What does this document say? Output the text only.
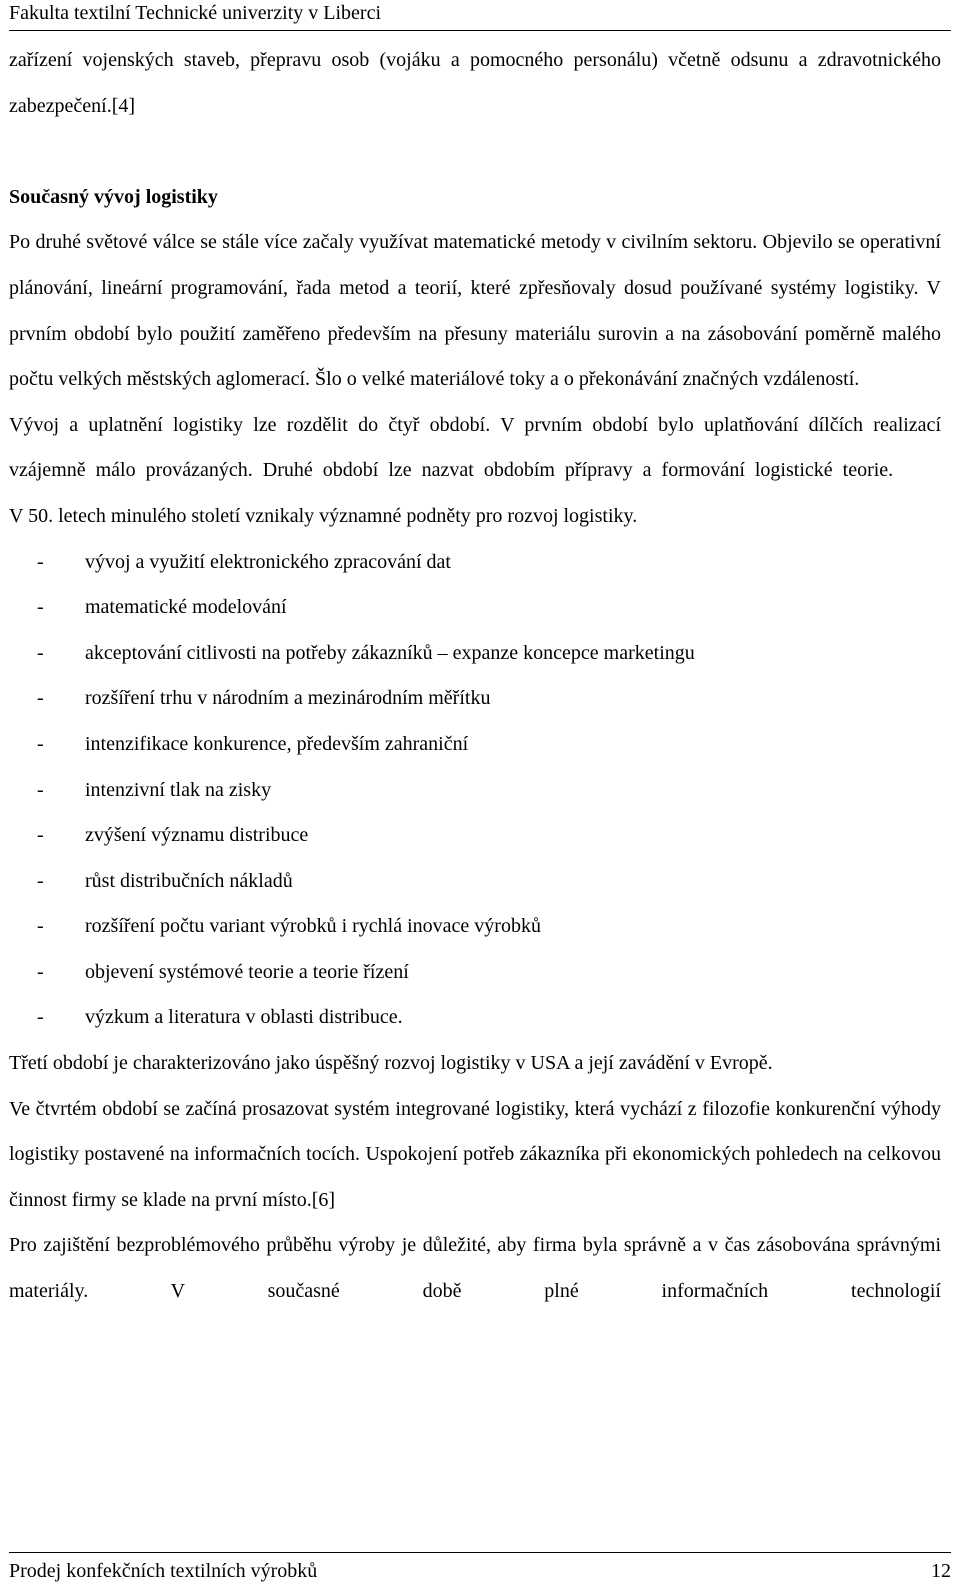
Fakulta textilní Technické univerzity v Liberci

zařízení vojenských staveb, přepravu osob (vojáku a pomocného personálu) včetně odsunu a zdravotnického zabezpečení.[4]

Současný vývoj logistiky

Po druhé světové válce se stále více začaly využívat matematické metody v civilním sektoru. Objevilo se operativní plánování, lineární programování, řada metod a teorií, které zpřesňovaly dosud používané systémy logistiky. V prvním období bylo použití zaměřeno především na přesuny materiálu surovin a na zásobování poměrně malého počtu velkých městských aglomerací. Šlo o velké materiálové toky a o překonávání značných vzdáleností.

Vývoj a uplatnění logistiky lze rozdělit do čtyř období. V prvním období bylo uplatňování dílčích realizací vzájemně málo provázaných. Druhé období lze nazvat obdobím přípravy a formování logistické teorie.

V 50. letech minulého století vznikaly významné podněty pro rozvoj logistiky.

- vývoj a využití elektronického zpracování dat
- matematické modelování
- akceptování citlivosti na potřeby zákazníků – expanze koncepce marketingu
- rozšíření trhu v národním a mezinárodním měřítku
- intenzifikace konkurence, především zahraniční
- intenzivní tlak na zisky
- zvýšení významu distribuce
- růst distribučních nákladů
- rozšíření počtu variant výrobků i rychlá inovace výrobků
- objevení systémové teorie a teorie řízení
- výzkum a literatura v oblasti distribuce.

Třetí období je charakterizováno jako úspěšný rozvoj logistiky v USA a její zavádění v Evropě.

Ve čtvrtém období se začíná prosazovat systém integrované logistiky, která vychází z filozofie konkurenční výhody logistiky postavené na informačních tocích. Uspokojení potřeb zákazníka při ekonomických pohledech na celkovou činnost firmy se klade na první místo.[6]

Pro zajištění bezproblémového průběhu výroby je důležité, aby firma byla správně a v čas zásobována správnými materiály. V současné době plné informačních technologií

Prodej konfekčních textilních výrobků	12
